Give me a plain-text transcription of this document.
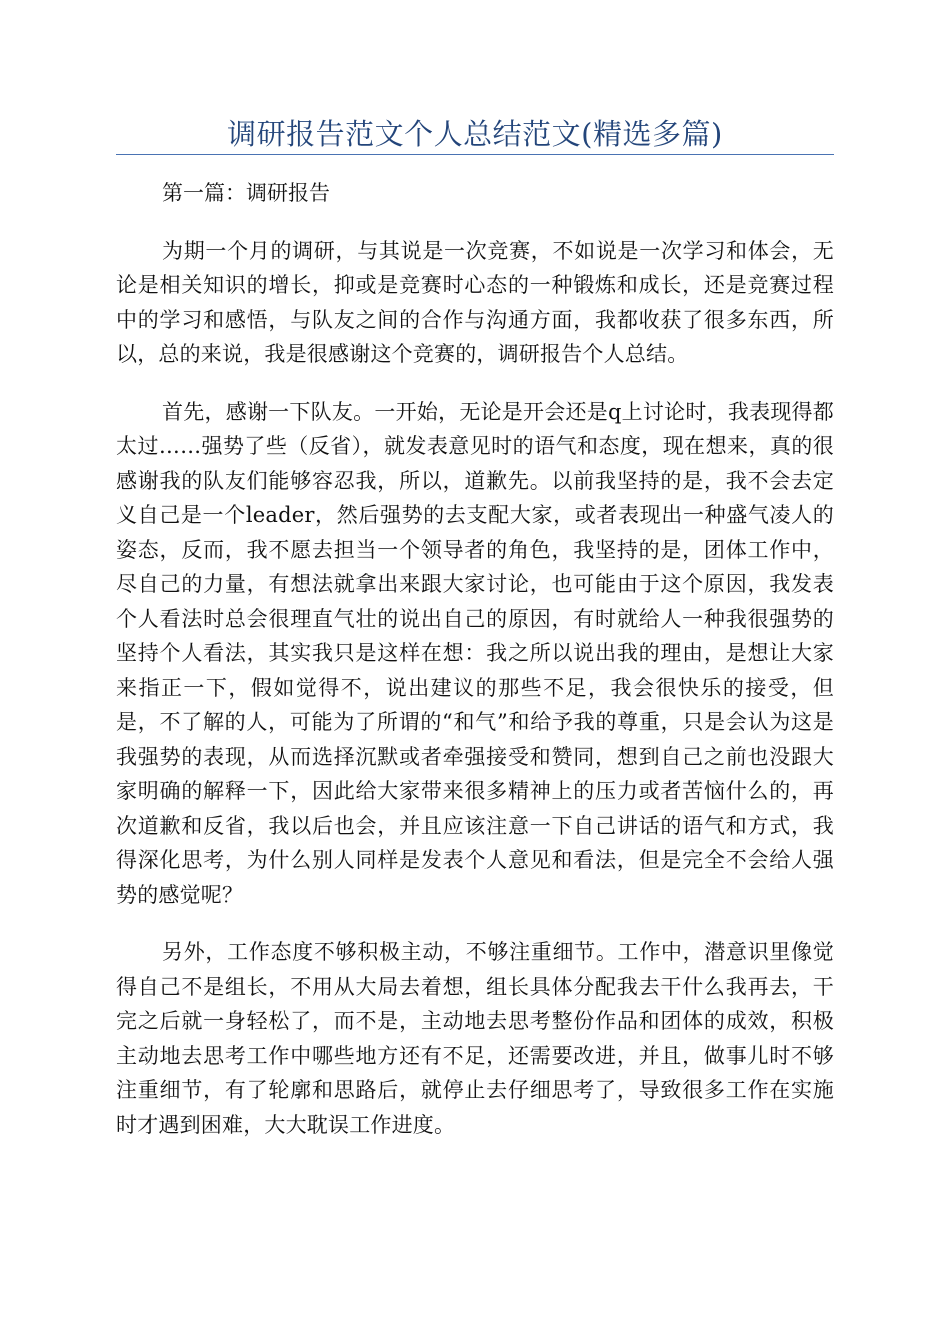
调研报告范文个人总结范文(精选多篇)

第一篇：调研报告

为期一个月的调研，与其说是一次竞赛，不如说是一次学习和体会，无论是相关知识的增长，抑或是竞赛时心态的一种锻炼和成长，还是竞赛过程中的学习和感悟，与队友之间的合作与沟通方面，我都收获了很多东西，所以，总的来说，我是很感谢这个竞赛的，调研报告个人总结。

首先，感谢一下队友。一开始，无论是开会还是q上讨论时，我表现得都太过……强势了些（反省），就发表意见时的语气和态度，现在想来，真的很感谢我的队友们能够容忍我，所以，道歉先。以前我坚持的是，我不会去定义自己是一个leader，然后强势的去支配大家，或者表现出一种盛气凌人的姿态，反而，我不愿去担当一个领导者的角色，我坚持的是，团体工作中，尽自己的力量，有想法就拿出来跟大家讨论，也可能由于这个原因，我发表个人看法时总会很理直气壮的说出自己的原因，有时就给人一种我很强势的坚持个人看法，其实我只是这样在想：我之所以说出我的理由，是想让大家来指正一下，假如觉得不，说出建议的那些不足，我会很快乐的接受，但是，不了解的人，可能为了所谓的“和气”和给予我的尊重，只是会认为这是我强势的表现，从而选择沉默或者牵强接受和赞同，想到自己之前也没跟大家明确的解释一下，因此给大家带来很多精神上的压力或者苦恼什么的，再次道歉和反省，我以后也会，并且应该注意一下自己讲话的语气和方式，我得深化思考，为什么别人同样是发表个人意见和看法，但是完全不会给人强势的感觉呢？

另外，工作态度不够积极主动，不够注重细节。工作中，潜意识里像觉得自己不是组长，不用从大局去着想，组长具体分配我去干什么我再去，干完之后就一身轻松了，而不是，主动地去思考整份作品和团体的成效，积极主动地去思考工作中哪些地方还有不足，还需要改进，并且，做事儿时不够注重细节，有了轮廓和思路后，就停止去仔细思考了，导致很多工作在实施时才遇到困难，大大耽误工作进度。
